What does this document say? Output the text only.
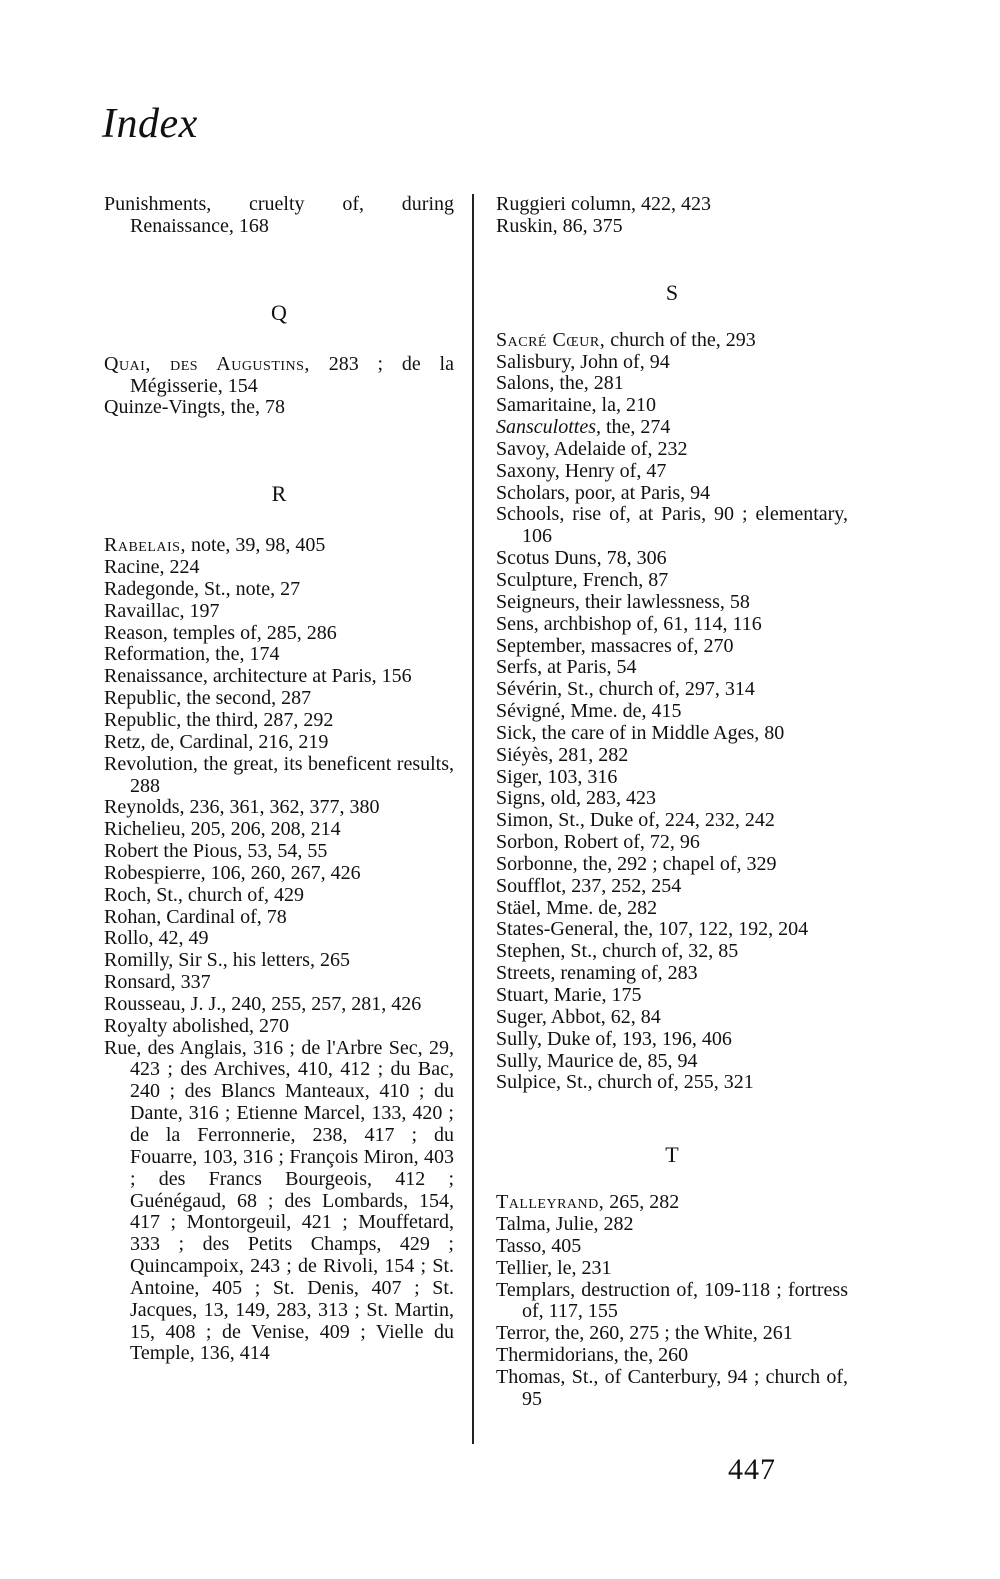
Index
Punishments, cruelty of, during Renaissance, 168
Q
Quai, des Augustins, 283 ; de la Mégisserie, 154
Quinze-Vingts, the, 78
R
Rabelais, note, 39, 98, 405
Racine, 224
Radegonde, St., note, 27
Ravaillac, 197
Reason, temples of, 285, 286
Reformation, the, 174
Renaissance, architecture at Paris, 156
Republic, the second, 287
Republic, the third, 287, 292
Retz, de, Cardinal, 216, 219
Revolution, the great, its beneficent results, 288
Reynolds, 236, 361, 362, 377, 380
Richelieu, 205, 206, 208, 214
Robert the Pious, 53, 54, 55
Robespierre, 106, 260, 267, 426
Roch, St., church of, 429
Rohan, Cardinal of, 78
Rollo, 42, 49
Romilly, Sir S., his letters, 265
Ronsard, 337
Rousseau, J. J., 240, 255, 257, 281, 426
Royalty abolished, 270
Rue, des Anglais, 316 ; de l'Arbre Sec, 29, 423 ; des Archives, 410, 412 ; du Bac, 240 ; des Blancs Manteaux, 410 ; du Dante, 316 ; Etienne Marcel, 133, 420 ; de la Ferronnerie, 238, 417 ; du Fouarre, 103, 316 ; François Miron, 403 ; des Francs Bourgeois, 412 ; Guénégaud, 68 ; des Lombards, 154, 417 ; Montorgeuil, 421 ; Mouffetard, 333 ; des Petits Champs, 429 ; Quincampoix, 243 ; de Rivoli, 154 ; St. Antoine, 405 ; St. Denis, 407 ; St. Jacques, 13, 149, 283, 313 ; St. Martin, 15, 408 ; de Venise, 409 ; Vielle du Temple, 136, 414
Ruggieri column, 422, 423
Ruskin, 86, 375
S
Sacré Cœur, church of the, 293
Salisbury, John of, 94
Salons, the, 281
Samaritaine, la, 210
Sansculottes, the, 274
Savoy, Adelaide of, 232
Saxony, Henry of, 47
Scholars, poor, at Paris, 94
Schools, rise of, at Paris, 90 ; elementary, 106
Scotus Duns, 78, 306
Sculpture, French, 87
Seigneurs, their lawlessness, 58
Sens, archbishop of, 61, 114, 116
September, massacres of, 270
Serfs, at Paris, 54
Sévérin, St., church of, 297, 314
Sévigné, Mme. de, 415
Sick, the care of in Middle Ages, 80
Siéyès, 281, 282
Siger, 103, 316
Signs, old, 283, 423
Simon, St., Duke of, 224, 232, 242
Sorbon, Robert of, 72, 96
Sorbonne, the, 292 ; chapel of, 329
Soufflot, 237, 252, 254
Stäel, Mme. de, 282
States-General, the, 107, 122, 192, 204
Stephen, St., church of, 32, 85
Streets, renaming of, 283
Stuart, Marie, 175
Suger, Abbot, 62, 84
Sully, Duke of, 193, 196, 406
Sully, Maurice de, 85, 94
Sulpice, St., church of, 255, 321
T
Talleyrand, 265, 282
Talma, Julie, 282
Tasso, 405
Tellier, le, 231
Templars, destruction of, 109-118 ; fortress of, 117, 155
Terror, the, 260, 275 ; the White, 261
Thermidorians, the, 260
Thomas, St., of Canterbury, 94 ; church of, 95
447
